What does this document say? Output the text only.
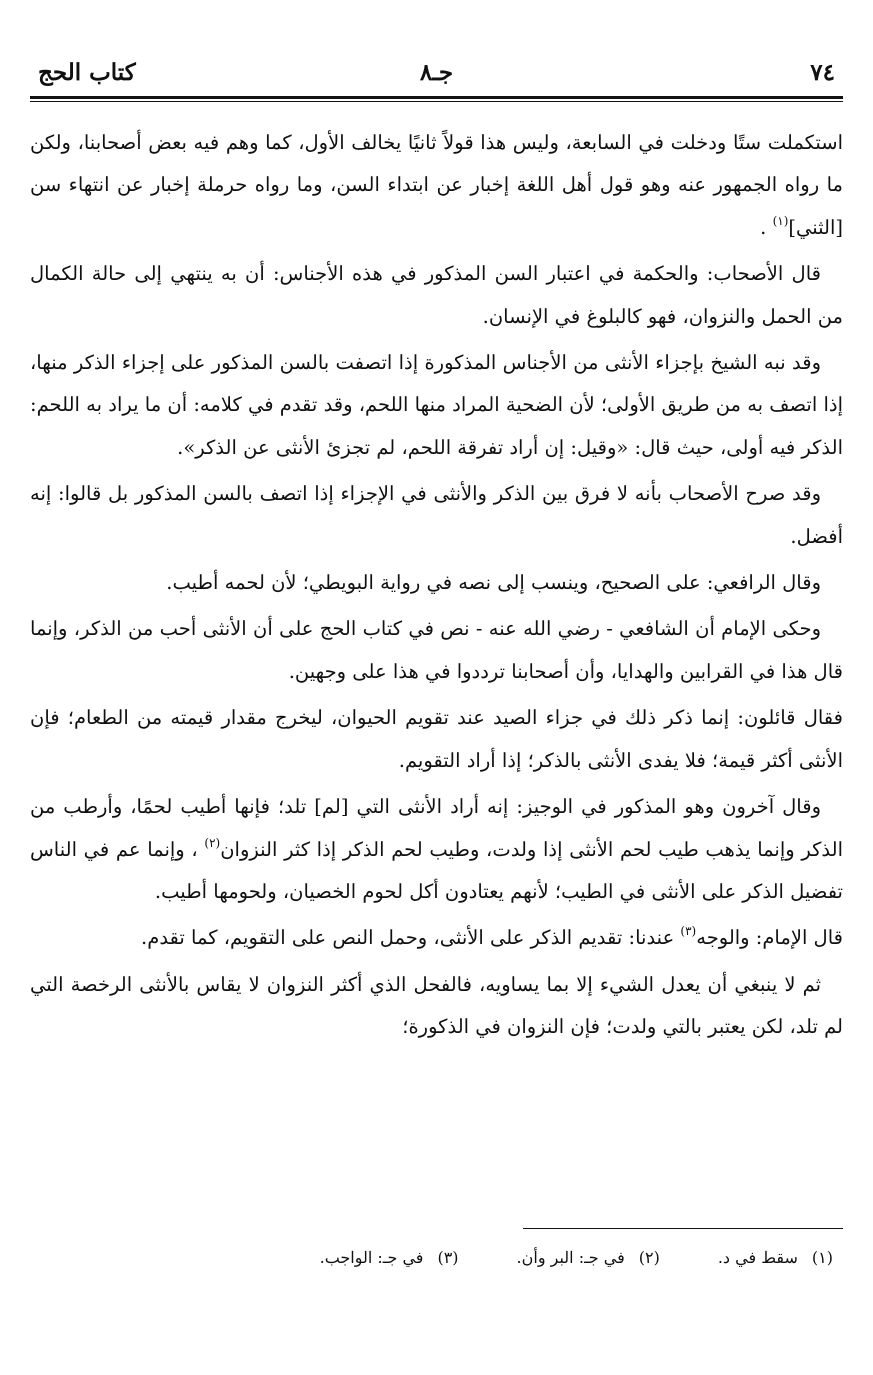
٧٤
جـ٨
كتاب الحج

استكملت ستًا ودخلت في السابعة، وليس هذا قولاً ثانيًا يخالف الأول، كما وهم فيه بعض أصحابنا، ولكن ما رواه الجمهور عنه وهو قول أهل اللغة إخبار عن ابتداء السن، وما رواه حرملة إخبار عن انتهاء سن [الثني]$^{(١)}$ .

قال الأصحاب: والحكمة في اعتبار السن المذكور في هذه الأجناس: أن به ينتهي إلى حالة الكمال من الحمل والنزوان، فهو كالبلوغ في الإنسان.

وقد نبه الشيخ بإجزاء الأنثى من الأجناس المذكورة إذا اتصفت بالسن المذكور على إجزاء الذكر منها، إذا اتصف به من طريق الأولى؛ لأن الضحية المراد منها اللحم، وقد تقدم في كلامه: أن ما يراد به اللحم: الذكر فيه أولى، حيث قال: «وقيل: إن أراد تفرقة اللحم، لم تجزئ الأنثى عن الذكر».

وقد صرح الأصحاب بأنه لا فرق بين الذكر والأنثى في الإجزاء إذا اتصف بالسن المذكور بل قالوا: إنه أفضل.

وقال الرافعي: على الصحيح، وينسب إلى نصه في رواية البويطي؛ لأن لحمه أطيب.

وحكى الإمام أن الشافعي - رضي الله عنه - نص في كتاب الحج على أن الأنثى أحب من الذكر، وإنما قال هذا في القرابين والهدايا، وأن أصحابنا ترددوا في هذا على وجهين.

فقال قائلون: إنما ذكر ذلك في جزاء الصيد عند تقويم الحيوان، ليخرج مقدار قيمته من الطعام؛ فإن الأنثى أكثر قيمة؛ فلا يفدى الأنثى بالذكر؛ إذا أراد التقويم.

وقال آخرون وهو المذكور في الوجيز: إنه أراد الأنثى التي [لم] تلد؛ فإنها أطيب لحمًا، وأرطب من الذكر وإنما يذهب طيب لحم الأنثى إذا ولدت، وطيب لحم الذكر إذا كثر النزوان$^{(٢)}$ ، وإنما عم في الناس تفضيل الذكر على الأنثى في الطيب؛ لأنهم يعتادون أكل لحوم الخصيان، ولحومها أطيب.

قال الإمام: والوجه$^{(٣)}$ عندنا: تقديم الذكر على الأنثى، وحمل النص على التقويم، كما تقدم.

ثم لا ينبغي أن يعدل الشيء إلا بما يساويه، فالفحل الذي أكثر النزوان لا يقاس بالأنثى الرخصة التي لم تلد، لكن يعتبر بالتي ولدت؛ فإن النزوان في الذكورة؛

(١)سقط في د.
(٢)في جـ: البر وأن.
(٣)في جـ: الواجب.
